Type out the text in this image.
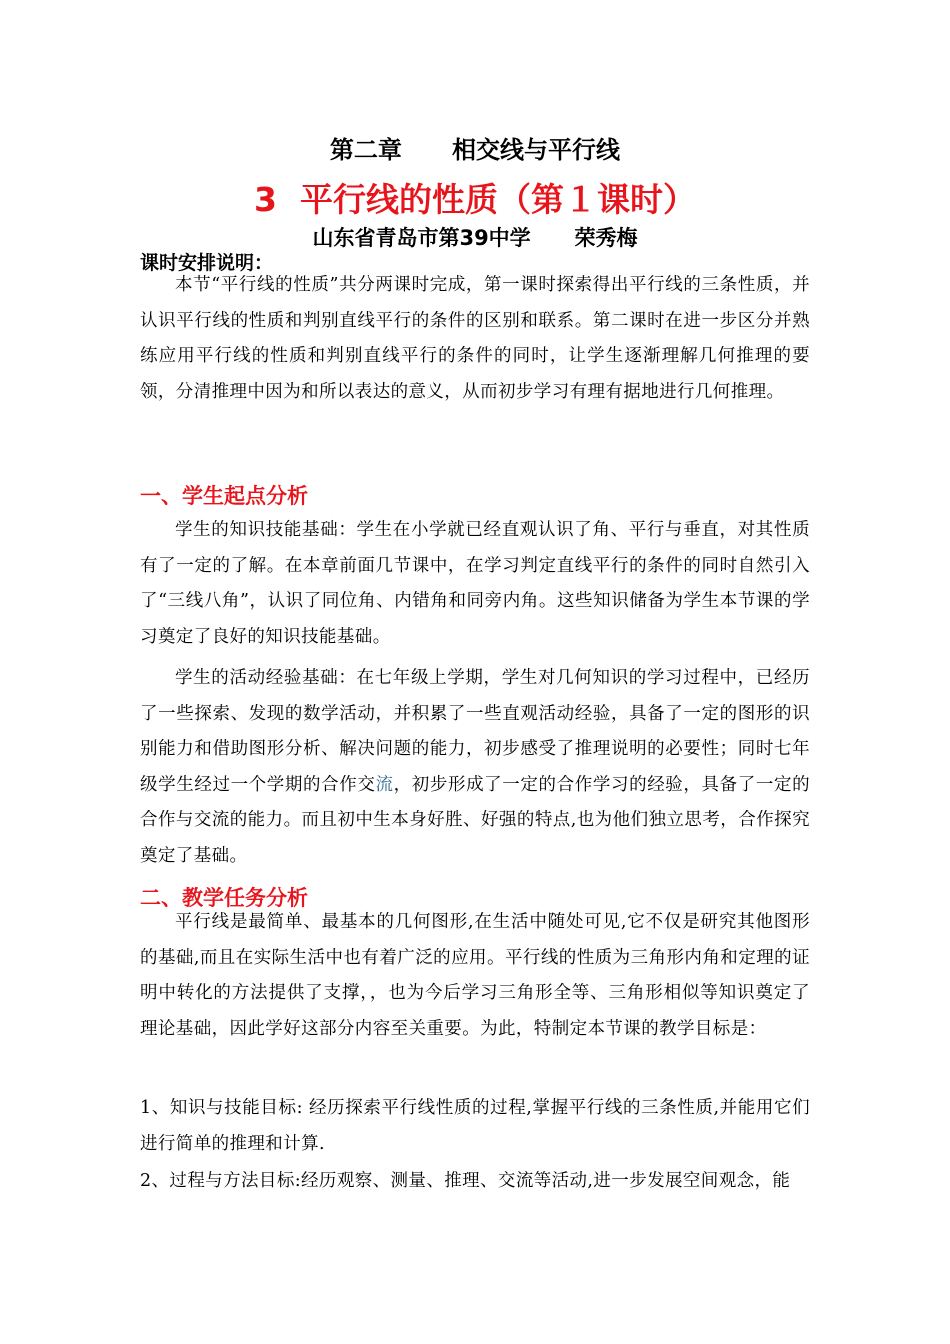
第二章      相交线与平行线
3  平行线的性质（第１课时）
山东省青岛市第39中学      荣秀梅
课时安排说明：

本节“平行线的性质”共分两课时完成，第一课时探索得出平行线的三条性质，并认识平行线的性质和判别直线平行的条件的区别和联系。第二课时在进一步区分并熟练应用平行线的性质和判别直线平行的条件的同时，让学生逐渐理解几何推理的要领，分清推理中因为和所以表达的意义，从而初步学习有理有据地进行几何推理。

一、学生起点分析

学生的知识技能基础：学生在小学就已经直观认识了角、平行与垂直，对其性质有了一定的了解。在本章前面几节课中，在学习判定直线平行的条件的同时自然引入了“三线八角”，认识了同位角、内错角和同旁内角。这些知识储备为学生本节课的学习奠定了良好的知识技能基础。

学生的活动经验基础：在七年级上学期，学生对几何知识的学习过程中，已经历了一些探索、发现的数学活动，并积累了一些直观活动经验，具备了一定的图形的识别能力和借助图形分析、解决问题的能力，初步感受了推理说明的必要性；同时七年级学生经过一个学期的合作交流，初步形成了一定的合作学习的经验，具备了一定的合作与交流的能力。而且初中生本身好胜、好强的特点,也为他们独立思考，合作探究奠定了基础。

二、教学任务分析

平行线是最简单、最基本的几何图形,在生活中随处可见,它不仅是研究其他图形的基础,而且在实际生活中也有着广泛的应用。平行线的性质为三角形内角和定理的证明中转化的方法提供了支撑，，也为今后学习三角形全等、三角形相似等知识奠定了理论基础，因此学好这部分内容至关重要。为此，特制定本节课的教学目标是：

1、知识与技能目标: 经历探索平行线性质的过程,掌握平行线的三条性质,并能用它们进行简单的推理和计算.

2、过程与方法目标:经历观察、测量、推理、交流等活动,进一步发展空间观念，能
